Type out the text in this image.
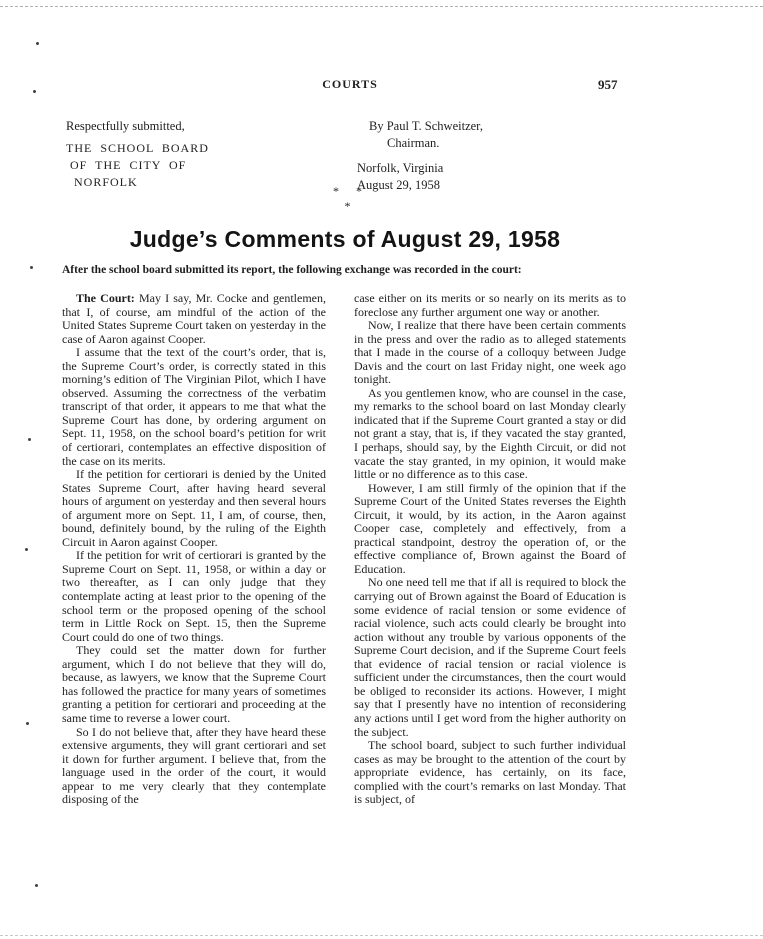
COURTS	957
Respectfully submitted,
THE  SCHOOL  BOARD
OF  THE  CITY  OF
NORFOLK
By Paul T. Schweitzer,
Chairman.
Norfolk, Virginia
August 29, 1958
* * *
Judge’s Comments of August 29, 1958
After the school board submitted its report, the following exchange was recorded in the court:

The Court: May I say, Mr. Cocke and gentlemen, that I, of course, am mindful of the action of the United States Supreme Court taken on yesterday in the case of Aaron against Cooper.

I assume that the text of the court’s order, that is, the Supreme Court’s order, is correctly stated in this morning’s edition of The Virginian Pilot, which I have observed. Assuming the correctness of the verbatim transcript of that order, it appears to me that what the Supreme Court has done, by ordering argument on Sept. 11, 1958, on the school board’s petition for writ of certiorari, contemplates an effective disposition of the case on its merits.

If the petition for certiorari is denied by the United States Supreme Court, after having heard several hours of argument on yesterday and then several hours of argument more on Sept. 11, I am, of course, then, bound, definitely bound, by the ruling of the Eighth Circuit in Aaron against Cooper.

If the petition for writ of certiorari is granted by the Supreme Court on Sept. 11, 1958, or within a day or two thereafter, as I can only judge that they contemplate acting at least prior to the opening of the school term or the proposed opening of the school term in Little Rock on Sept. 15, then the Supreme Court could do one of two things.

They could set the matter down for further argument, which I do not believe that they will do, because, as lawyers, we know that the Supreme Court has followed the practice for many years of sometimes granting a petition for certiorari and proceeding at the same time to reverse a lower court.

So I do not believe that, after they have heard these extensive arguments, they will grant certiorari and set it down for further argument. I believe that, from the language used in the order of the court, it would appear to me very clearly that they contemplate disposing of the

case either on its merits or so nearly on its merits as to foreclose any further argument one way or another.

Now, I realize that there have been certain comments in the press and over the radio as to alleged statements that I made in the course of a colloquy between Judge Davis and the court on last Friday night, one week ago tonight.

As you gentlemen know, who are counsel in the case, my remarks to the school board on last Monday clearly indicated that if the Supreme Court granted a stay or did not grant a stay, that is, if they vacated the stay granted, I perhaps, should say, by the Eighth Circuit, or did not vacate the stay granted, in my opinion, it would make little or no difference as to this case.

However, I am still firmly of the opinion that if the Supreme Court of the United States reverses the Eighth Circuit, it would, by its action, in the Aaron against Cooper case, completely and effectively, from a practical standpoint, destroy the operation of, or the effective compliance of, Brown against the Board of Education.

No one need tell me that if all is required to block the carrying out of Brown against the Board of Education is some evidence of racial tension or some evidence of racial violence, such acts could clearly be brought into action without any trouble by various opponents of the Supreme Court decision, and if the Supreme Court feels that evidence of racial tension or racial violence is sufficient under the circumstances, then the court would be obliged to reconsider its actions. However, I might say that I presently have no intention of reconsidering any actions until I get word from the higher authority on the subject.

The school board, subject to such further individual cases as may be brought to the attention of the court by appropriate evidence, has certainly, on its face, complied with the court’s remarks on last Monday. That is subject, of
